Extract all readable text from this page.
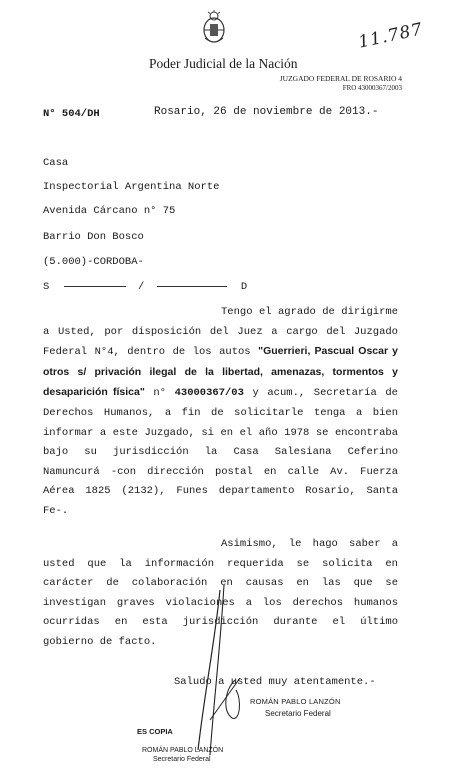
11.787
Poder Judicial de la Nación
JUZGADO FEDERAL DE ROSARIO 4
FRO 43000367/2003
N° 504/DH	Rosario, 26 de noviembre de 2013.-
Casa
Inspectorial Argentina Norte
Avenida Cárcano n° 75
Barrio Don Bosco
(5.000)-CORDOBA-
S	/	D

Tengo el agrado de dirigirme a Usted, por disposición del Juez a cargo del Juzgado Federal N°4, dentro de los autos "Guerrieri, Pascual Oscar y otros s/ privación ilegal de la libertad, amenazas, tormentos y desaparición física" n° 43000367/03 y acum., Secretaría de Derechos Humanos, a fin de solicitarle tenga a bien informar a este Juzgado, si en el año 1978 se encontraba bajo su jurisdicción la Casa Salesiana Ceferino Namuncurá -con dirección postal en calle Av. Fuerza Aérea 1825 (2132), Funes departamento Rosario, Santa Fe-.

Asimismo, le hago saber a usted que la información requerida se solicita en carácter de colaboración en causas en las que se investigan graves violaciones a los derechos humanos ocurridas en esta jurisdicción durante el último gobierno de facto.

Saludo a usted muy atentamente.-
ROMÁN PABLO LANZÓN
Secretario Federal
ES COPIA
ROMÁN PABLO LANZÓN
Secretario Federal
